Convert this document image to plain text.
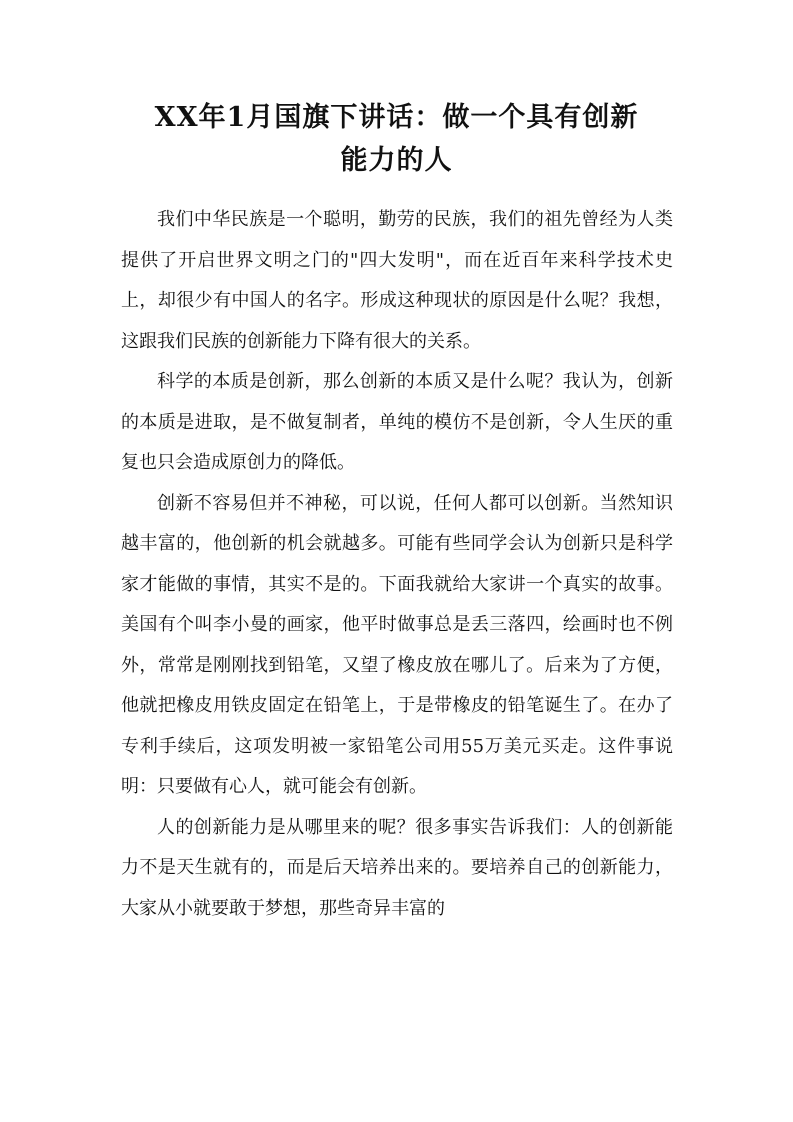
XX年1月国旗下讲话：做一个具有创新
能力的人

我们中华民族是一个聪明，勤劳的民族，我们的祖先曾经为人类提供了开启世界文明之门的"四大发明"，而在近百年来科学技术史上，却很少有中国人的名字。形成这种现状的原因是什么呢？我想，这跟我们民族的创新能力下降有很大的关系。

科学的本质是创新，那么创新的本质又是什么呢？我认为，创新的本质是进取，是不做复制者，单纯的模仿不是创新，令人生厌的重复也只会造成原创力的降低。

创新不容易但并不神秘，可以说，任何人都可以创新。当然知识越丰富的，他创新的机会就越多。可能有些同学会认为创新只是科学家才能做的事情，其实不是的。下面我就给大家讲一个真实的故事。美国有个叫李小曼的画家，他平时做事总是丢三落四，绘画时也不例外，常常是刚刚找到铅笔，又望了橡皮放在哪儿了。后来为了方便，他就把橡皮用铁皮固定在铅笔上，于是带橡皮的铅笔诞生了。在办了专利手续后，这项发明被一家铅笔公司用55万美元买走。这件事说明：只要做有心人，就可能会有创新。

人的创新能力是从哪里来的呢？很多事实告诉我们：人的创新能力不是天生就有的，而是后天培养出来的。要培养自己的创新能力，大家从小就要敢于梦想，那些奇异丰富的
